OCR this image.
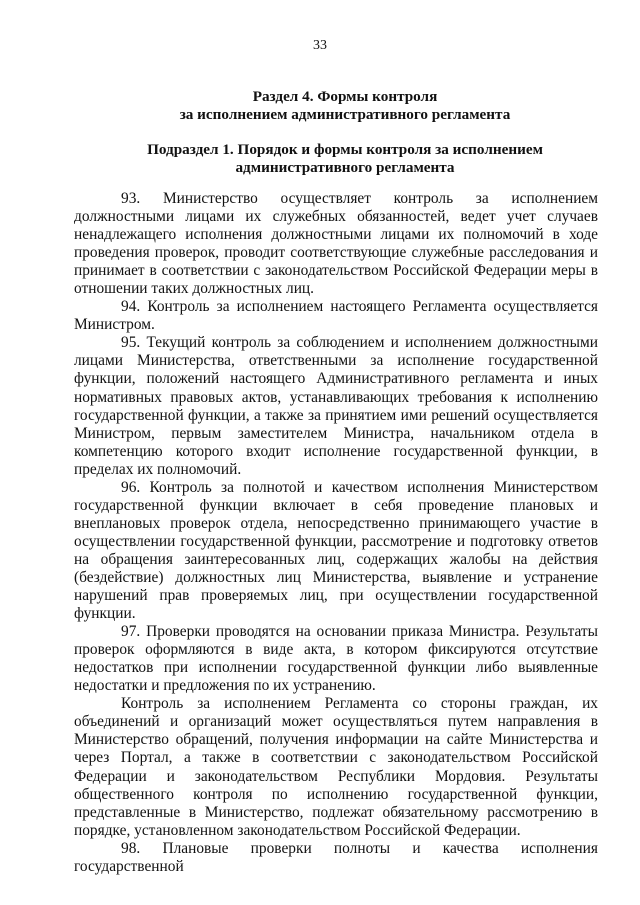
33
Раздел 4. Формы контроля
за исполнением административного регламента
Подраздел 1. Порядок и формы контроля за исполнением
административного регламента

93. Министерство осуществляет контроль за исполнением должностными лицами их служебных обязанностей, ведет учет случаев ненадлежащего исполнения должностными лицами их полномочий в ходе проведения проверок, проводит соответствующие служебные расследования и принимает в соответствии с законодательством Российской Федерации меры в отношении таких должностных лиц.

94. Контроль за исполнением настоящего Регламента осуществляется Министром.

95. Текущий контроль за соблюдением и исполнением должностными лицами Министерства, ответственными за исполнение государственной функции, положений настоящего Административного регламента и иных нормативных правовых актов, устанавливающих требования к исполнению государственной функции, а также за принятием ими решений осуществляется Министром, первым заместителем Министра, начальником отдела в компетенцию которого входит исполнение государственной функции, в пределах их полномочий.

96. Контроль за полнотой и качеством исполнения Министерством государственной функции включает в себя проведение плановых и внеплановых проверок отдела, непосредственно принимающего участие в осуществлении государственной функции, рассмотрение и подготовку ответов на обращения заинтересованных лиц, содержащих жалобы на действия (бездействие) должностных лиц Министерства, выявление и устранение нарушений прав проверяемых лиц, при осуществлении государственной функции.

97. Проверки проводятся на основании приказа Министра. Результаты проверок оформляются в виде акта, в котором фиксируются отсутствие недостатков при исполнении государственной функции либо выявленные недостатки и предложения по их устранению.

Контроль за исполнением Регламента со стороны граждан, их объединений и организаций может осуществляться путем направления в Министерство обращений, получения информации на сайте Министерства и через Портал, а также в соответствии с законодательством Российской Федерации и законодательством Республики Мордовия. Результаты общественного контроля по исполнению государственной функции, представленные в Министерство, подлежат обязательному рассмотрению в порядке, установленном законодательством Российской Федерации.

98. Плановые проверки полноты и качества исполнения государственной
